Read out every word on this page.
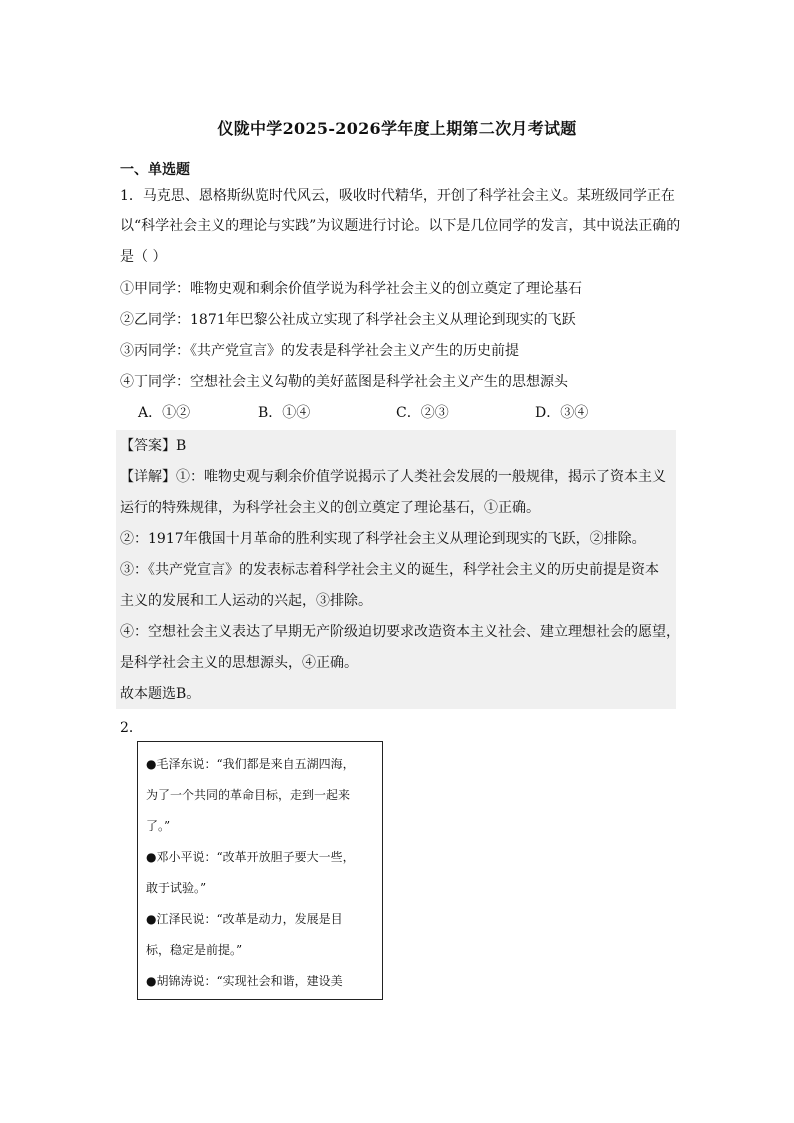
仪陇中学2025-2026学年度上期第二次月考试题
一、单选题
1．马克思、恩格斯纵览时代风云，吸收时代精华，开创了科学社会主义。某班级同学正在
以“科学社会主义的理论与实践”为议题进行讨论。以下是几位同学的发言，其中说法正确的
是（ ）
①甲同学：唯物史观和剩余价值学说为科学社会主义的创立奠定了理论基石
②乙同学：1871年巴黎公社成立实现了科学社会主义从理论到现实的飞跃
③丙同学：《共产党宣言》的发表是科学社会主义产生的历史前提
④丁同学：空想社会主义勾勒的美好蓝图是科学社会主义产生的思想源头
A．①②	B．①④	C．②③	D．③④
【答案】B
【详解】①：唯物史观与剩余价值学说揭示了人类社会发展的一般规律，揭示了资本主义
运行的特殊规律，为科学社会主义的创立奠定了理论基石，①正确。
②：1917年俄国十月革命的胜利实现了科学社会主义从理论到现实的飞跃，②排除。
③：《共产党宣言》的发表标志着科学社会主义的诞生，科学社会主义的历史前提是资本
主义的发展和工人运动的兴起，③排除。
④：空想社会主义表达了早期无产阶级迫切要求改造资本主义社会、建立理想社会的愿望，
是科学社会主义的思想源头，④正确。
故本题选B。
2．
●毛泽东说：“我们都是来自五湖四海，
为了一个共同的革命目标，走到一起来
了。”
●邓小平说：“改革开放胆子要大一些，
敢于试验。”
●江泽民说：“改革是动力，发展是目
标，稳定是前提。”
●胡锦涛说：“实现社会和谐，建设美
